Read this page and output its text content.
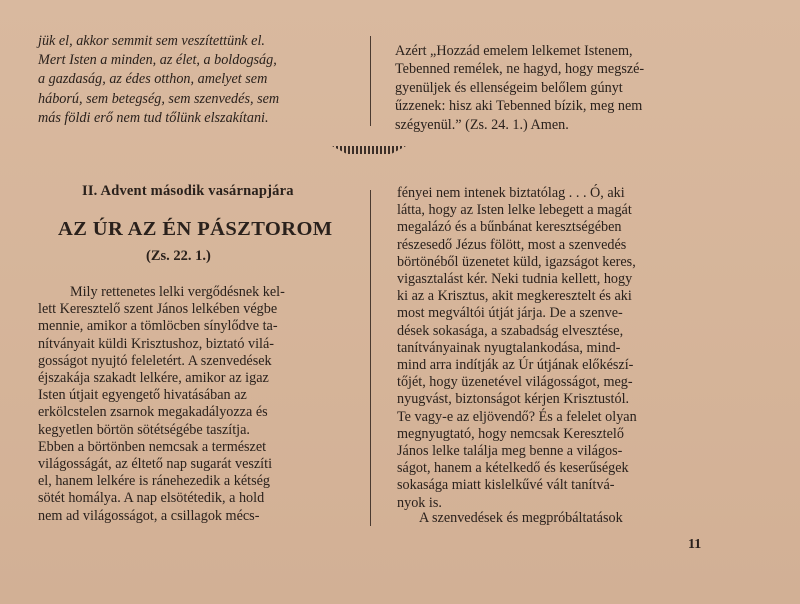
jük el, akkor semmit sem veszítettünk el.
Mert Isten a minden, az élet, a boldogság,
a gazdaság, az édes otthon, amelyet sem
háború, sem betegség, sem szenvedés, sem
más földi erő nem tud tőlünk elszakítani.
Azért „Hozzád emelem lelkemet Istenem,
Tebenned remélek, ne hagyd, hogy megszé-
gyenüljek és ellenségeim belőlem gúnyt
űzzenek: hisz aki Tebenned bízik, meg nem
szégyenül.” (Zs. 24. 1.) Amen.
II. Advent második vasárnapjára
AZ ÚR AZ ÉN PÁSZTOROM
(Zs. 22. 1.)
Mily rettenetes lelki vergődésnek kel-
lett Keresztelő szent János lelkében végbe
mennie, amikor a tömlöcben sínylődve ta-
nítványait küldi Krisztushoz, biztató vilá-
gosságot nyujtó feleletért. A szenvedések
éjszakája szakadt lelkére, amikor az igaz
Isten útjait egyengető hivatásában az
erkölcstelen zsarnok megakadályozza és
kegyetlen börtön sötétségébe taszítja.
Ebben a börtönben nemcsak a természet
világosságát, az éltető nap sugarát veszíti
el, hanem lelkére is ránehezedik a kétség
sötét homálya. A nap elsötétedik, a hold
nem ad világosságot, a csillagok mécs-
fényei nem intenek biztatólag . . . Ó, aki
látta, hogy az Isten lelke lebegett a magát
megalázó és a bűnbánat keresztségében
részesedő Jézus fölött, most a szenvedés
börtönéből üzenetet küld, igazságot keres,
vigasztalást kér. Neki tudnia kellett, hogy
ki az a Krisztus, akit megkeresztelt és aki
most megváltói útját járja. De a szenve-
dések sokasága, a szabadság elvesztése,
tanítványainak nyugtalankodása, mind-
mind arra indítják az Úr útjának előkészí-
tőjét, hogy üzenetével világosságot, meg-
nyugvást, biztonságot kérjen Krisztustól.
Te vagy-e az eljövendő? És a felelet olyan
megnyugtató, hogy nemcsak Keresztelő
János lelke találja meg benne a világos-
ságot, hanem a kételkedő és keserűségek
sokasága miatt kislelkűvé vált tanítvá-
nyok is.
A szenvedések és megpróbáltatások
11
